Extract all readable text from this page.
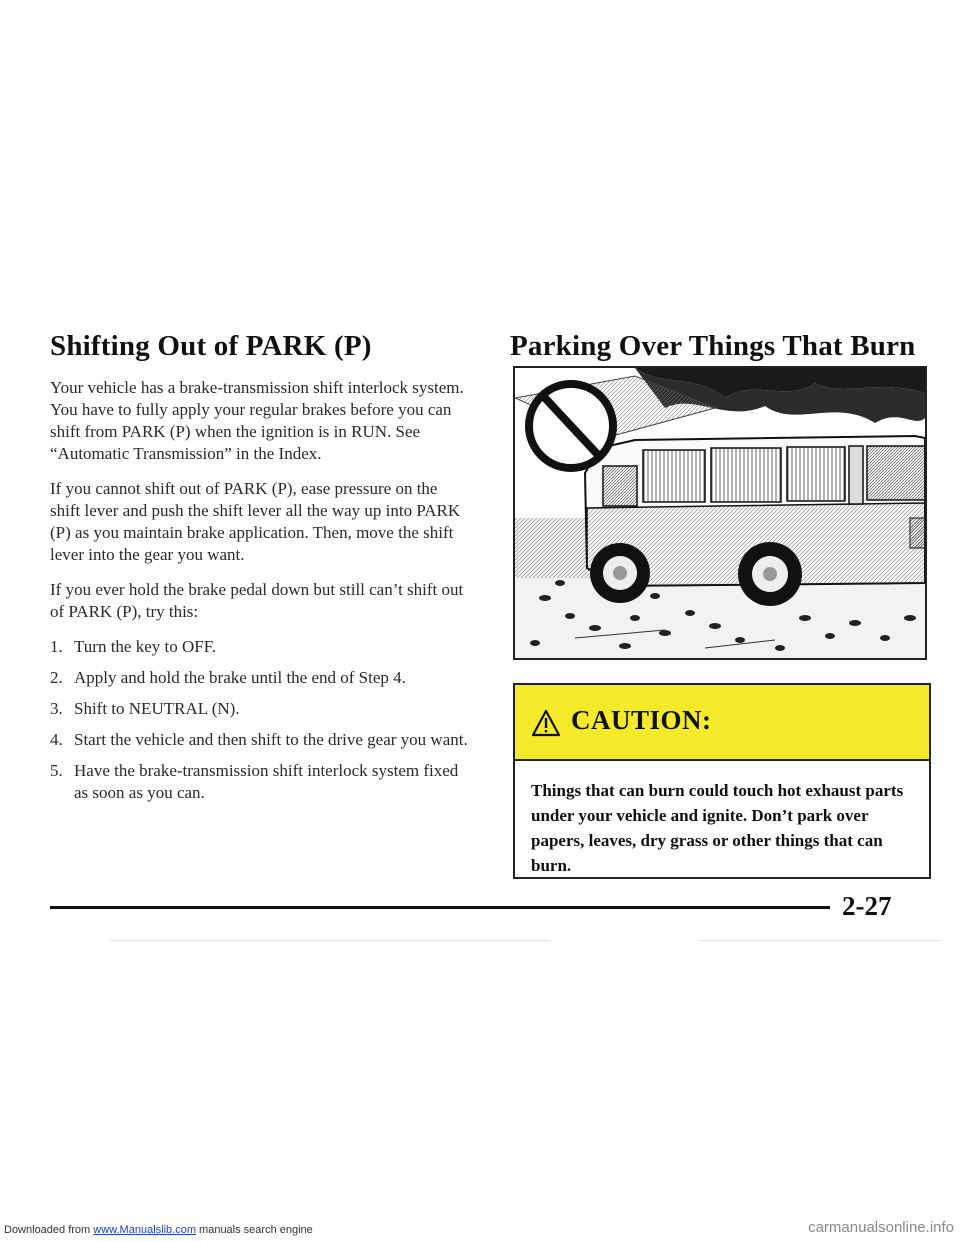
Shifting Out of PARK (P)

Your vehicle has a brake-transmission shift interlock system. You have to fully apply your regular brakes before you can shift from PARK (P) when the ignition is in RUN. See “Automatic Transmission” in the Index.

If you cannot shift out of PARK (P), ease pressure on the shift lever and push the shift lever all the way up into PARK (P) as you maintain brake application. Then, move the shift lever into the gear you want.

If you ever hold the brake pedal down but still can’t shift out of PARK (P), try this:

1. Turn the key to OFF.
2. Apply and hold the brake until the end of Step 4.
3. Shift to NEUTRAL (N).
4. Start the vehicle and then shift to the drive gear you want.
5. Have the brake-transmission shift interlock system fixed as soon as you can.
Parking Over Things That Burn
CAUTION:
Things that can burn could touch hot exhaust parts under your vehicle and ignite. Don’t park over papers, leaves, dry grass or other things that can burn.
2-27
Downloaded from www.Manualslib.com manuals search engine	carmanualsonline.info
